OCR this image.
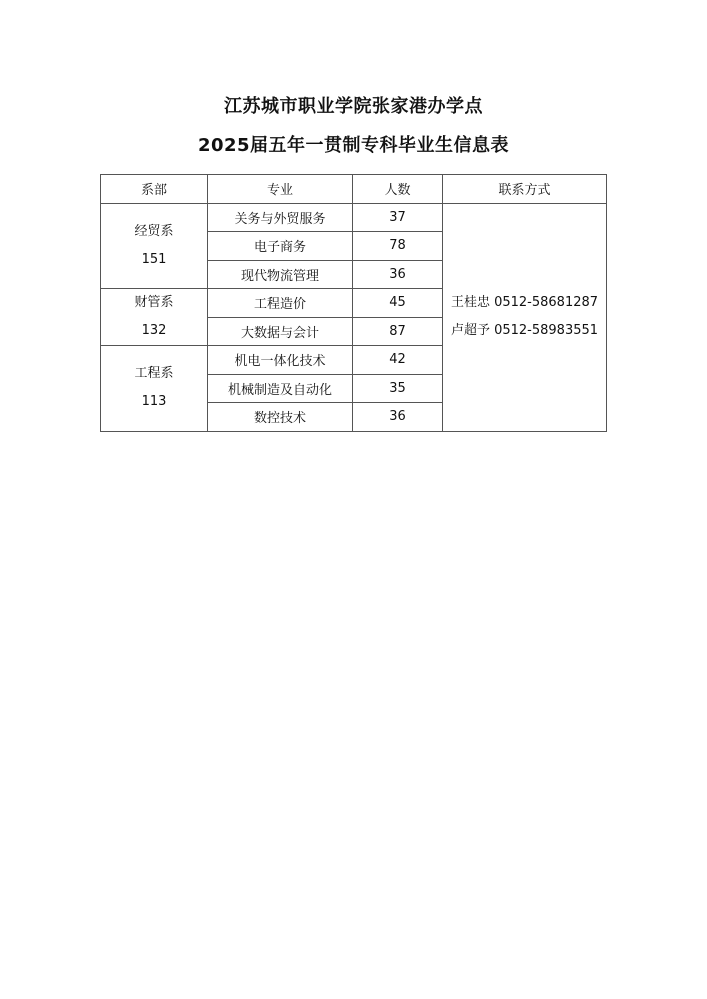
江苏城市职业学院张家港办学点
2025届五年一贯制专科毕业生信息表
系部	专业	人数	联系方式

经贸系
151	关务与外贸服务	37	王桂忠 0512-58681287
卢超予 0512-58983551

	电子商务	78	
	现代物流管理	36	

财管系
132	工程造价	45	
	大数据与会计	87	

工程系
113	机电一体化技术	42	
	机械制造及自动化	35	
	数控技术	36	
